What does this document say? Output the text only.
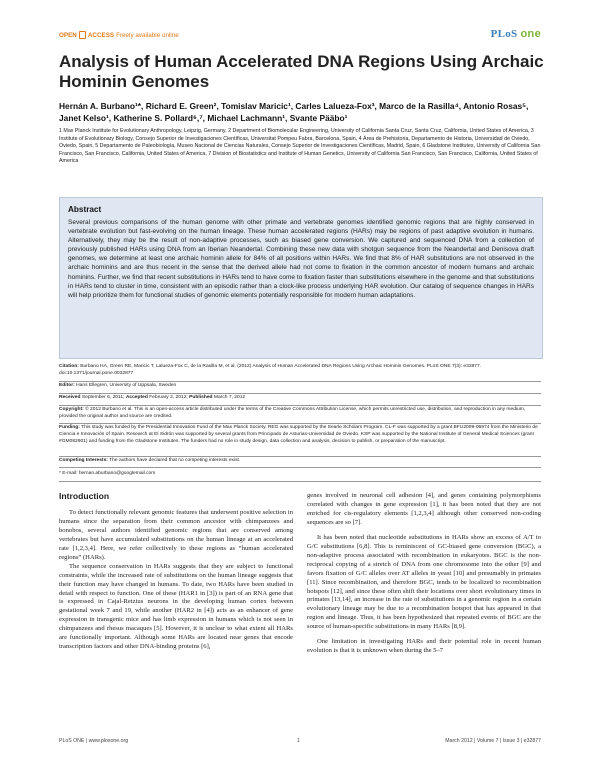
OPEN ACCESS Freely available online	PLoS one
Analysis of Human Accelerated DNA Regions Using Archaic Hominin Genomes
Hernán A. Burbano¹*, Richard E. Green², Tomislav Maricic¹, Carles Lalueza-Fox³, Marco de la Rasilla⁴, Antonio Rosas⁵, Janet Kelso¹, Katherine S. Pollard⁶,⁷, Michael Lachmann¹, Svante Pääbo¹
1 Max Planck Institute for Evolutionary Anthropology, Leipzig, Germany, 2 Department of Biomolecular Engineering, University of California Santa Cruz, Santa Cruz, California, United States of America, 3 Institute of Evolutionary Biology, Consejo Superior de Investigaciones Científicas, Universitat Pompeu Fabra, Barcelona, Spain, 4 Área de Prehistoria, Departamento de Historia, Universidad de Oviedo, Oviedo, Spain, 5 Departamento de Paleobiología, Museo Nacional de Ciencias Naturales, Consejo Superior de Investigaciones Científicas, Madrid, Spain, 6 Gladstone Institutes, University of California San Francisco, San Francisco, California, United States of America, 7 Division of Biostatistics and Institute of Human Genetics, University of California San Francisco, San Francisco, California, United States of America
Abstract

Several previous comparisons of the human genome with other primate and vertebrate genomes identified genomic regions that are highly conserved in vertebrate evolution but fast-evolving on the human lineage. These human accelerated regions (HARs) may be regions of past adaptive evolution in humans. Alternatively, they may be the result of non-adaptive processes, such as biased gene conversion. We captured and sequenced DNA from a collection of previously published HARs using DNA from an Iberian Neandertal. Combining these new data with shotgun sequence from the Neandertal and Denisova draft genomes, we determine at least one archaic hominin allele for 84% of all positions within HARs. We find that 8% of HAR substitutions are not observed in the archaic hominins and are thus recent in the sense that the derived allele had not come to fixation in the common ancestor of modern humans and archaic hominins. Further, we find that recent substitutions in HARs tend to have come to fixation faster than substitutions elsewhere in the genome and that substitutions in HARs tend to cluster in time, consistent with an episodic rather than a clock-like process underlying HAR evolution. Our catalog of sequence changes in HARs will help prioritize them for functional studies of genomic elements potentially responsible for modern human adaptations.

Citation: Burbano HA, Green RE, Maricic T, Lalueza-Fox C, de la Rasilla M, et al. (2012) Analysis of Human Accelerated DNA Regions Using Archaic Hominin Genomes. PLoS ONE 7(3): e32877. doi:10.1371/journal.pone.0032877
Editor: Hans Ellegren, University of Uppsala, Sweden
Received September 6, 2011; Accepted February 2, 2012; Published March 7, 2012
Copyright: © 2012 Burbano et al. This is an open-access article distributed under the terms of the Creative Commons Attribution License, which permits unrestricted use, distribution, and reproduction in any medium, provided the original author and source are credited.
Funding: This study was funded by the Presidential Innovation Fund of the Max Planck Society. REG was supported by the Searle Scholars Program. CL-F was supported by a grant BFU2009-06974 from the Ministerio de Ciencia e Innovación of Spain. Research at El Sidrón was supported by several grants from Principado de Asturias-Universidad de Oviedo. KSP was supported by the National Institute of General Medical Sciences (grant #GM082901) and funding from the Gladstone Institutes. The funders had no role in study design, data collection and analysis, decision to publish, or preparation of the manuscript.
Competing Interests: The authors have declared that no competing interests exist.
* E-mail: hernan.aburbano@googlemail.com
Introduction

To detect functionally relevant genomic features that underwent positive selection in humans since the separation from their common ancestor with chimpanzees and bonobos, several authors identified genomic regions that are conserved among vertebrates but have accumulated substitutions on the human lineage at an accelerated rate [1,2,3,4]. Here, we refer collectively to these regions as “human accelerated regions” (HARs).

The sequence conservation in HARs suggests that they are subject to functional constraints, while the increased rate of substitutions on the human lineage suggests that their function may have changed in humans. To date, two HARs have been studied in detail with respect to function. One of these (HAR1 in [3]) is part of an RNA gene that is expressed in Cajal-Retzius neurons in the developing human cortex between gestational week 7 and 19, while another (HAR2 in [4]) acts as an enhancer of gene expression in transgenic mice and has limb expression in humans which is not seen in chimpanzees and rhesus macaques [5]. However, it is unclear to what extent all HARs are functionally important. Although some HARs are located near genes that encode transcription factors and other DNA-binding proteins [6],

genes involved in neuronal cell adhesion [4], and genes containing polymorphisms correlated with changes in gene expression [1], it has been noted that they are not enriched for cis-regulatory elements [1,2,3,4] although other conserved non-coding sequences are so [7].

It has been noted that nucleotide substitutions in HARs show an excess of A/T to G/C substitutions [6,8]. This is reminiscent of GC-biased gene conversion (BGC), a non-adaptive process associated with recombination in eukaryotes. BGC is the non-reciprocal copying of a stretch of DNA from one chromosome into the other [9] and favors fixation of G/C alleles over AT alleles in yeast [10] and presumably in primates [11]. Since recombination, and therefore BGC, tends to be localized to recombination hotspots [12], and since these often shift their locations over short evolutionary times in primates [13,14], an increase in the rate of substitutions in a genomic region in a certain evolutionary lineage may be due to a recombination hotspot that has appeared in that region and lineage. Thus, it has been hypothesized that repeated events of BGC are the source of human-specific substitutions in many HARs [8,9].

One limitation in investigating HARs and their potential role in recent human evolution is that it is unknown when during the 5–7

PLoS ONE | www.plosone.org	1	March 2012 | Volume 7 | Issue 3 | e32877
